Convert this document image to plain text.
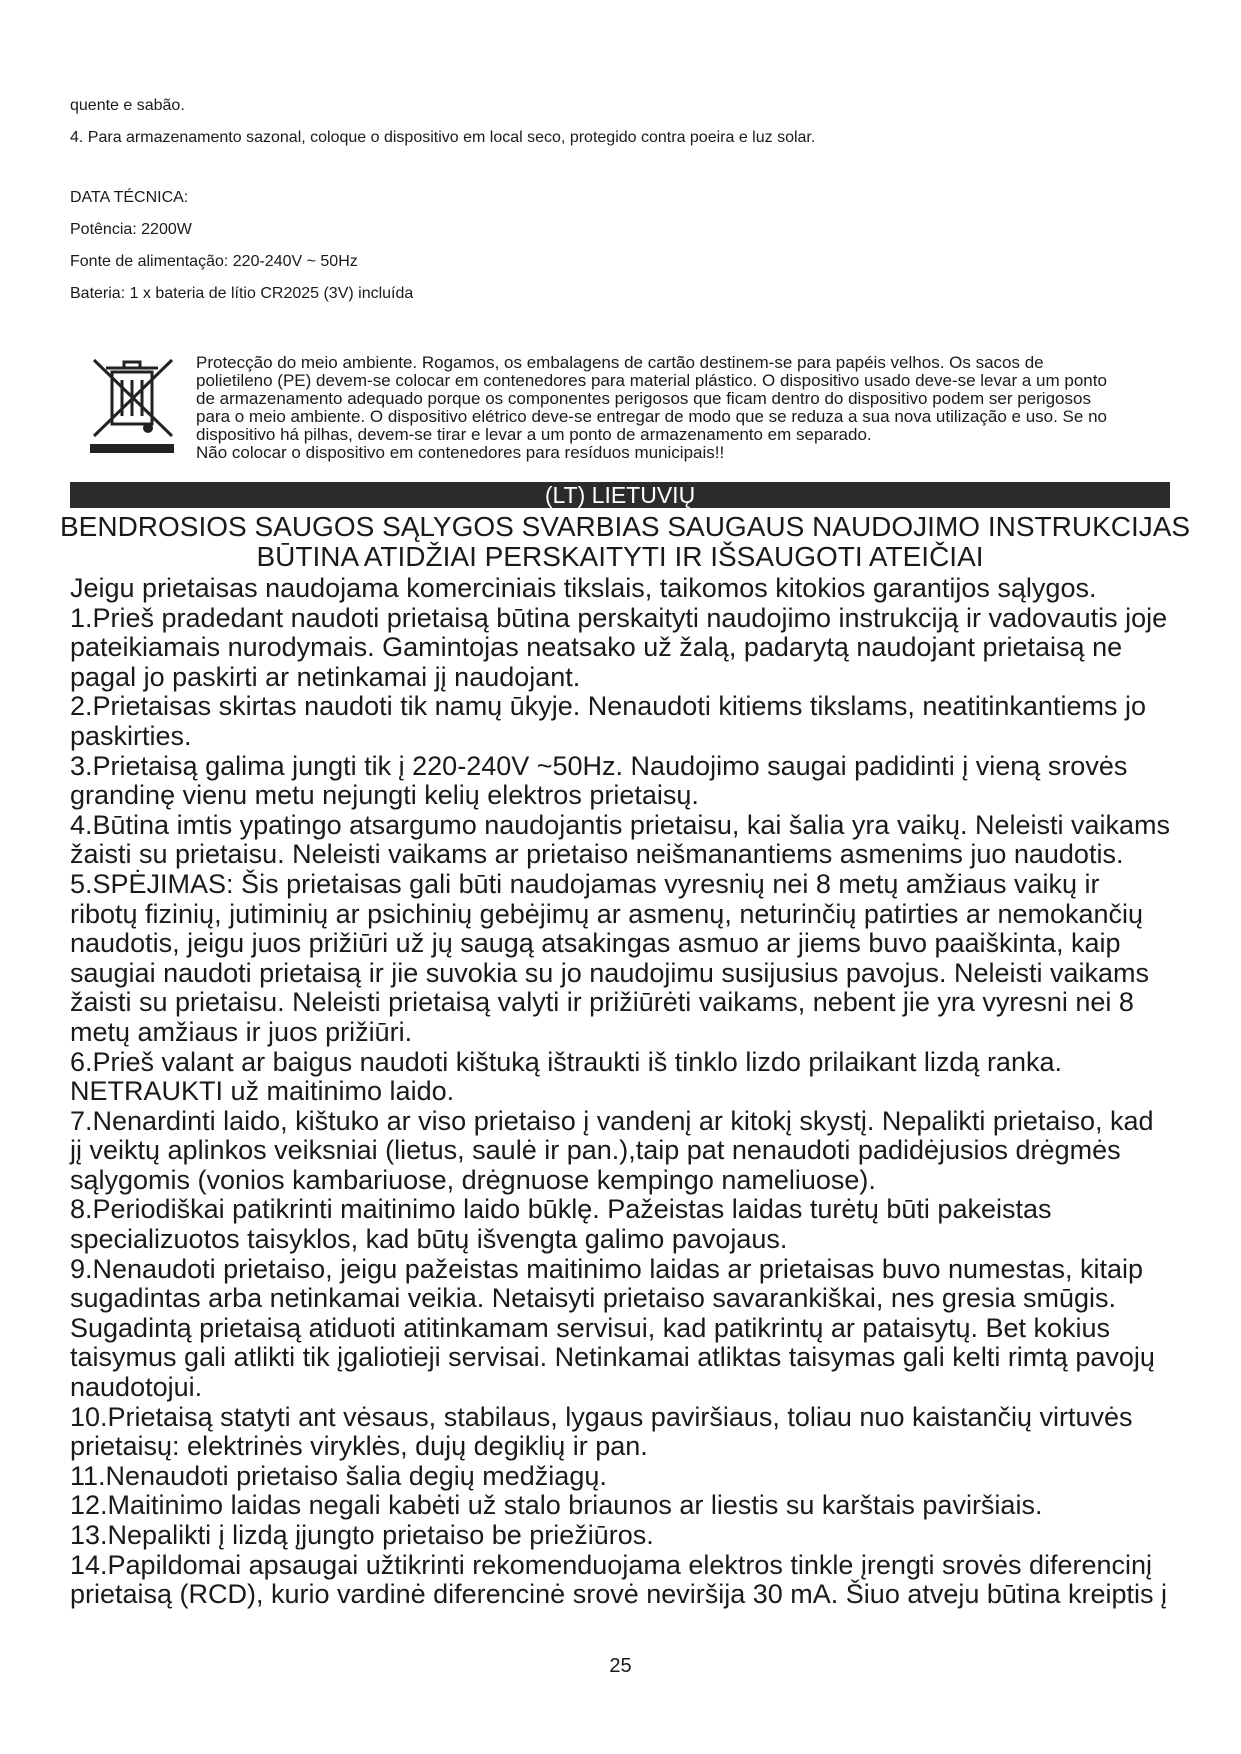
quente e sabão.

4. Para armazenamento sazonal, coloque o dispositivo em local seco, protegido contra poeira e luz solar.

DATA TÉCNICA:

Potência: 2200W

Fonte de alimentação: 220-240V ~ 50Hz

Bateria: 1 x bateria de lítio CR2025 (3V) incluída

Protecção do meio ambiente. Rogamos, os embalagens de cartão destinem-se para papéis velhos. Os sacos de

polietileno (PE) devem-se colocar em contenedores para material plástico. O dispositivo usado deve-se levar a um ponto

de armazenamento adequado porque os componentes perigosos que ficam dentro do dispositivo podem ser perigosos

para o meio ambiente. O dispositivo elétrico deve-se entregar de modo que se reduza a sua nova utilização e uso. Se no

dispositivo há pilhas, devem-se tirar e levar a um ponto de armazenamento em separado.

Não colocar o dispositivo em contenedores para resíduos municipais!!

(LT) LIETUVIŲ

BENDROSIOS SAUGOS SĄLYGOS SVARBIAS SAUGAUS NAUDOJIMO INSTRUKCIJAS

BŪTINA ATIDŽIAI PERSKAITYTI IR IŠSAUGOTI ATEIČIAI

Jeigu prietaisas naudojama komerciniais tikslais, taikomos kitokios garantijos sąlygos.

1.Prieš pradedant naudoti prietaisą būtina perskaityti naudojimo instrukciją ir vadovautis joje

pateikiamais nurodymais. Gamintojas neatsako už žalą, padarytą naudojant prietaisą ne

pagal jo paskirti ar netinkamai jį naudojant.

2.Prietaisas skirtas naudoti tik namų ūkyje. Nenaudoti kitiems tikslams, neatitinkantiems jo

paskirties.

3.Prietaisą galima jungti tik į 220-240V ~50Hz. Naudojimo saugai padidinti į vieną srovės

grandinę vienu metu nejungti kelių elektros prietaisų.

4.Būtina imtis ypatingo atsargumo naudojantis prietaisu, kai šalia yra vaikų. Neleisti vaikams

žaisti su prietaisu. Neleisti vaikams ar prietaiso neišmanantiems asmenims juo naudotis.

5.SPĖJIMAS: Šis prietaisas gali būti naudojamas vyresnių nei 8 metų amžiaus vaikų ir

ribotų fizinių, jutiminių ar psichinių gebėjimų ar asmenų, neturinčių patirties ar nemokančių

naudotis, jeigu juos prižiūri už jų saugą atsakingas asmuo ar jiems buvo paaiškinta, kaip

saugiai naudoti prietaisą ir jie suvokia su jo naudojimu susijusius pavojus. Neleisti vaikams

žaisti su prietaisu. Neleisti prietaisą valyti ir prižiūrėti vaikams, nebent jie yra vyresni nei 8

metų amžiaus ir juos prižiūri.

6.Prieš valant ar baigus naudoti kištuką ištraukti iš tinklo lizdo prilaikant lizdą ranka.

NETRAUKTI už maitinimo laido.

7.Nenardinti laido, kištuko ar viso prietaiso į vandenį ar kitokį skystį. Nepalikti prietaiso, kad

jį veiktų aplinkos veiksniai (lietus, saulė ir pan.),taip pat nenaudoti padidėjusios drėgmės

sąlygomis (vonios kambariuose, drėgnuose kempingo nameliuose).

8.Periodiškai patikrinti maitinimo laido būklę. Pažeistas laidas turėtų būti pakeistas

specializuotos taisyklos, kad būtų išvengta galimo pavojaus.

9.Nenaudoti prietaiso, jeigu pažeistas maitinimo laidas ar prietaisas buvo numestas, kitaip

sugadintas arba netinkamai veikia. Netaisyti prietaiso savarankiškai, nes gresia smūgis.

Sugadintą prietaisą atiduoti atitinkamam servisui, kad patikrintų ar pataisytų. Bet kokius

taisymus gali atlikti tik įgaliotieji servisai. Netinkamai atliktas taisymas gali kelti rimtą pavojų

naudotojui.

10.Prietaisą statyti ant vėsaus, stabilaus, lygaus paviršiaus, toliau nuo kaistančių virtuvės

prietaisų: elektrinės viryklės, dujų degiklių ir pan.

11.Nenaudoti prietaiso šalia degių medžiagų.

12.Maitinimo laidas negali kabėti už stalo briaunos ar liestis su karštais paviršiais.

13.Nepalikti į lizdą įjungto prietaiso be priežiūros.

14.Papildomai apsaugai užtikrinti rekomenduojama elektros tinkle įrengti srovės diferencinį

prietaisą (RCD), kurio vardinė diferencinė srovė neviršija 30 mA. Šiuo atveju būtina kreiptis į

25
